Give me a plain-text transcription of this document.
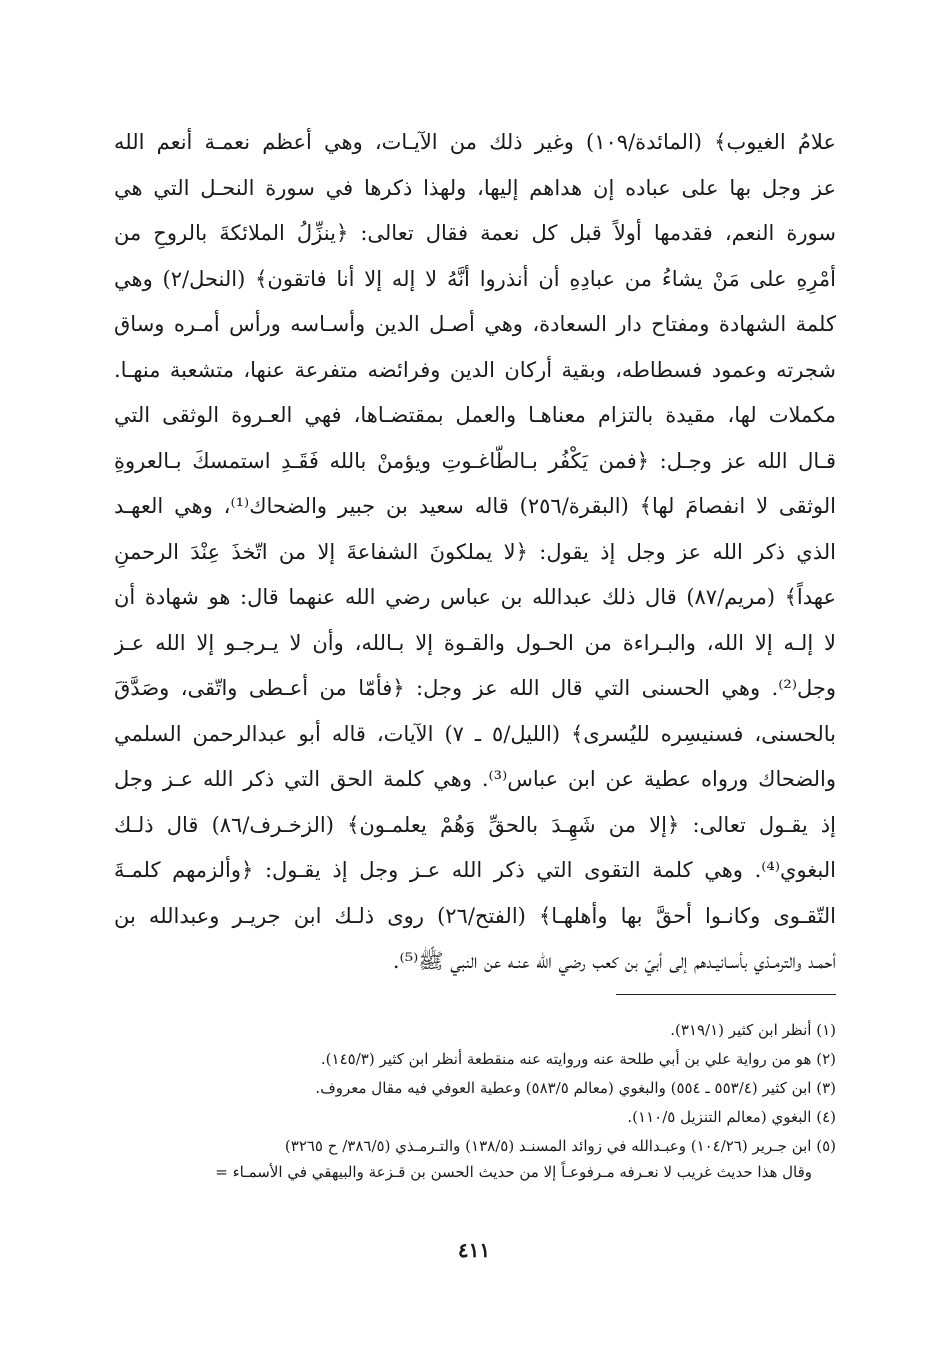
علامُ الغيوب﴾ (المائدة/١٠٩) وغير ذلك من الآيـات، وهي أعظم نعمـة أنعم الله
عز وجل بها على عباده إن هداهم إليها، ولهذا ذكرها في سورة النحـل التي هي
سورة النعم، فقدمها أولاً قبل كل نعمة فقال تعالى: ﴿ينزِّلُ الملائكةَ بالروحِ من
أمْرِهِ على مَنْ يشاءُ من عبادِهِ أن أنذروا أنَّهُ لا إله إلا أنا فاتقون﴾ (النحل/٢) وهي
كلمة الشهادة ومفتاح دار السعادة، وهي أصـل الدين وأسـاسه ورأس أمـره وساق
شجرته وعمود فسطاطه، وبقية أركان الدين وفرائضه متفرعة عنها، متشعبة منهـا.
مكملات لها، مقيدة بالتزام معناهـا والعمل بمقتضـاها، فهي العـروة الوثقى التي
قـال الله عز وجـل: ﴿فمن يَكْفُر بـالطّاغـوتِ ويؤمنْ بالله فَقَـدِ استمسكَ بـالعروةِ
الوثقى لا انفصامَ لها﴾ (البقرة/٢٥٦) قاله سعيد بن جبير والضحاك⁽¹⁾، وهي العهـد
الذي ذكر الله عز وجل إذ يقول: ﴿لا يملكونَ الشفاعةَ إلا من اتّخذَ عِنْدَ الرحمنِ
عهداً﴾ (مريم/٨٧) قال ذلك عبدالله بن عباس رضي الله عنهما قال: هو شهادة أن
لا إلـه إلا الله، والبـراءة من الحـول والقـوة إلا بـالله، وأن لا يـرجـو إلا الله عـز
وجل⁽²⁾. وهي الحسنى التي قال الله عز وجل: ﴿فأمّا من أعـطى واتّقى، وصَدَّقَ
بالحسنى، فسنيسِره لليُسرى﴾ (الليل/٥ ـ ٧) الآيات، قاله أبو عبدالرحمن السلمي
والضحاك ورواه عطية عن ابن عباس⁽³⁾. وهي كلمة الحق التي ذكر الله عـز وجل
إذ يقـول تعالى: ﴿إلا من شَهِـدَ بالحقِّ وَهُمْ يعلمـون﴾ (الزخـرف/٨٦) قال ذلـك
البغوي⁽⁴⁾. وهي كلمة التقوى التي ذكر الله عـز وجل إذ يقـول: ﴿وألزمهم كلمـةَ
التّقـوى وكانـوا أحقَّ بها وأهلهـا﴾ (الفتح/٢٦) روى ذلـك ابن جريـر وعبدالله بن
أحمـد والترمـذي بأسـانيـدهم إلى أبيّ بن كعب رضي الله عنـه عن النبي ﷺ⁽⁵⁾.
(١) أنظر ابن كثير (٣١٩/١).
(٢) هو من رواية علي بن أبي طلحة عنه وروايته عنه منقطعة أنظر ابن كثير (١٤٥/٣).
(٣) ابن كثير (٥٥٣/٤ ـ ٥٥٤) والبغوي (معالم ٥٨٣/٥) وعطية العوفي فيه مقال معروف.
(٤) البغوي (معالم التنزيل ١١٠/٥).
(٥) ابن جـرير (١٠٤/٢٦) وعبـدالله في زوائد المسنـد (١٣٨/٥) والتـرمـذي (٣٨٦/٥/ ح ٣٢٦٥)
وقال هذا حديث غريب لا نعـرفه مـرفوعـاً إلا من حديث الحسن بن قـزعة والبيهقي في الأسمـاء =
٤١١
